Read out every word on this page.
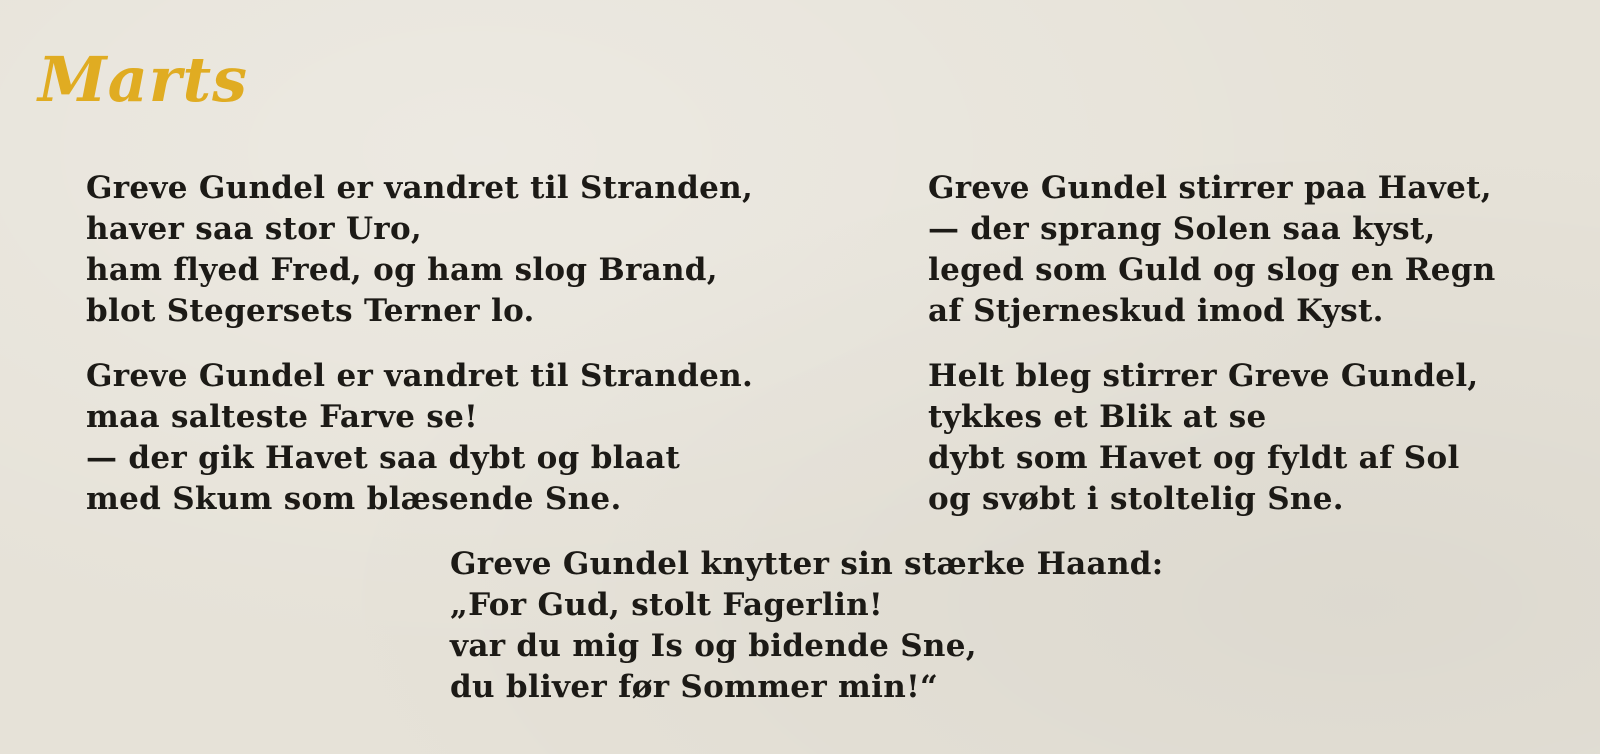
Marts
Greve Gundel er vandret til Stranden,
haver saa stor Uro,
ham flyed Fred, og ham slog Brand,
blot Stegersets Terner lo.
Greve Gundel er vandret til Stranden.
maa salteste Farve se!
— der gik Havet saa dybt og blaat
med Skum som blæsende Sne.
Greve Gundel stirrer paa Havet,
— der sprang Solen saa kyst,
leged som Guld og slog en Regn
af Stjerneskud imod Kyst.
Helt bleg stirrer Greve Gundel,
tykkes et Blik at se
dybt som Havet og fyldt af Sol
og svøbt i stoltelig Sne.
Greve Gundel knytter sin stærke Haand:
„For Gud, stolt Fagerlin!
var du mig Is og bidende Sne,
du bliver før Sommer min!“
